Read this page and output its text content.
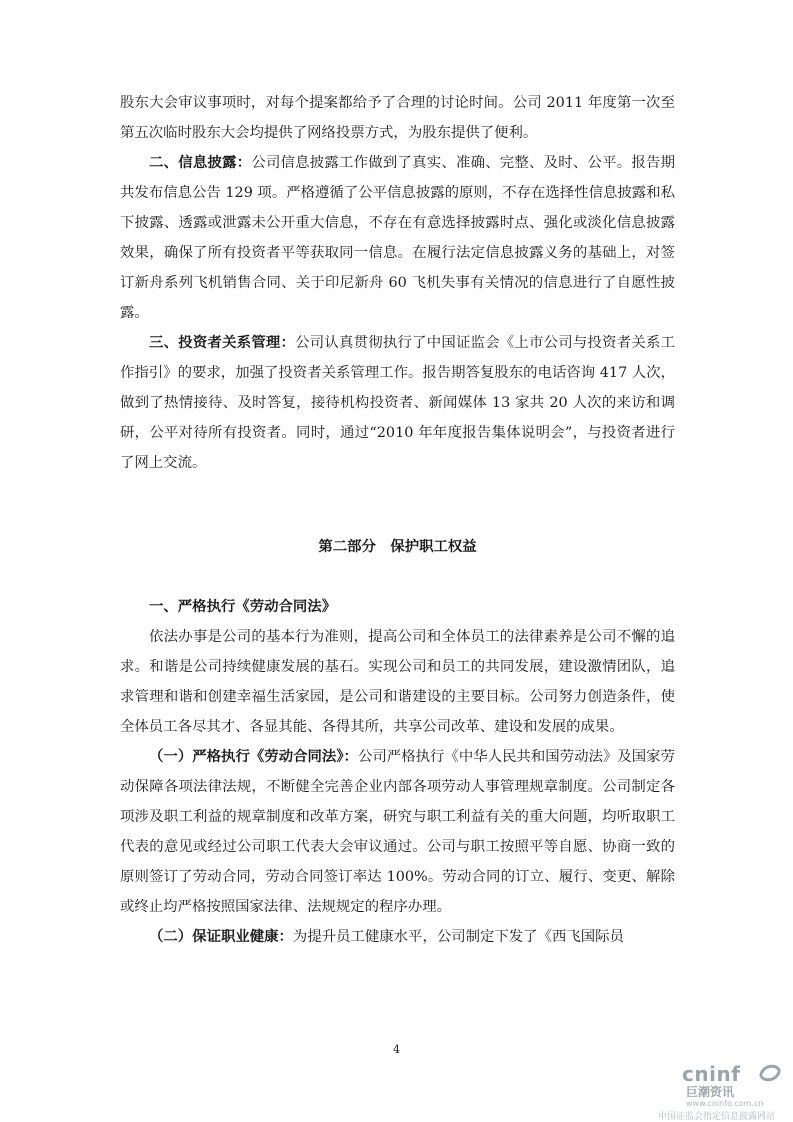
股东大会审议事项时，对每个提案都给予了合理的讨论时间。公司 2011 年度第一次至第五次临时股东大会均提供了网络投票方式，为股东提供了便利。

二、信息披露：公司信息披露工作做到了真实、准确、完整、及时、公平。报告期共发布信息公告 129 项。严格遵循了公平信息披露的原则，不存在选择性信息披露和私下披露、透露或泄露未公开重大信息，不存在有意选择披露时点、强化或淡化信息披露效果，确保了所有投资者平等获取同一信息。在履行法定信息披露义务的基础上，对签订新舟系列飞机销售合同、关于印尼新舟 60 飞机失事有关情况的信息进行了自愿性披露。

三、投资者关系管理：公司认真贯彻执行了中国证监会《上市公司与投资者关系工作指引》的要求，加强了投资者关系管理工作。报告期答复股东的电话咨询 417 人次，做到了热情接待、及时答复，接待机构投资者、新闻媒体 13 家共 20 人次的来访和调研，公平对待所有投资者。同时，通过“2010 年年度报告集体说明会”，与投资者进行了网上交流。

第二部分　保护职工权益

一、严格执行《劳动合同法》

依法办事是公司的基本行为准则，提高公司和全体员工的法律素养是公司不懈的追求。和谐是公司持续健康发展的基石。实现公司和员工的共同发展，建设激情团队，追求管理和谐和创建幸福生活家园，是公司和谐建设的主要目标。公司努力创造条件，使全体员工各尽其才、各显其能、各得其所，共享公司改革、建设和发展的成果。

（一）严格执行《劳动合同法》：公司严格执行《中华人民共和国劳动法》及国家劳动保障各项法律法规，不断健全完善企业内部各项劳动人事管理规章制度。公司制定各项涉及职工利益的规章制度和改革方案，研究与职工利益有关的重大问题，均听取职工代表的意见或经过公司职工代表大会审议通过。公司与职工按照平等自愿、协商一致的原则签订了劳动合同，劳动合同签订率达 100%。劳动合同的订立、履行、变更、解除或终止均严格按照国家法律、法规规定的程序办理。

（二）保证职业健康：为提升员工健康水平，公司制定下发了《西飞国际员

4
cninf
巨潮资讯
www.cninfo.com.cn
中国证监会指定信息披露网站
